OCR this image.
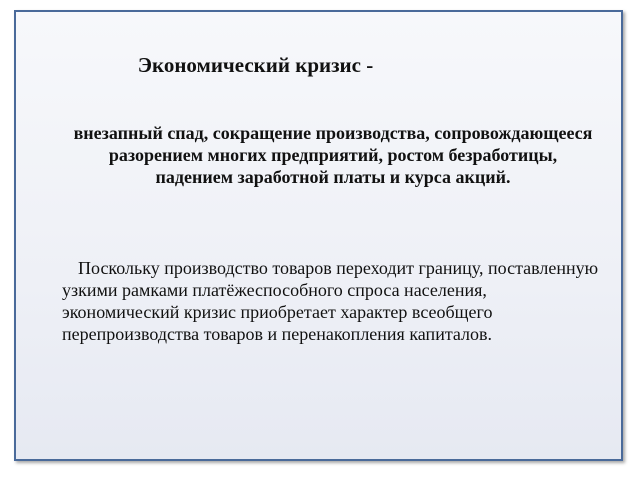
Экономический кризис -
внезапный спад, сокращение производства, сопровождающееся разорением многих предприятий, ростом безработицы, падением заработной платы и курса акций.
Поскольку производство товаров переходит границу, поставленную узкими рамками платёжеспособного спроса населения, экономический кризис приобретает характер всеобщего перепроизводства товаров и перенакопления капиталов.
